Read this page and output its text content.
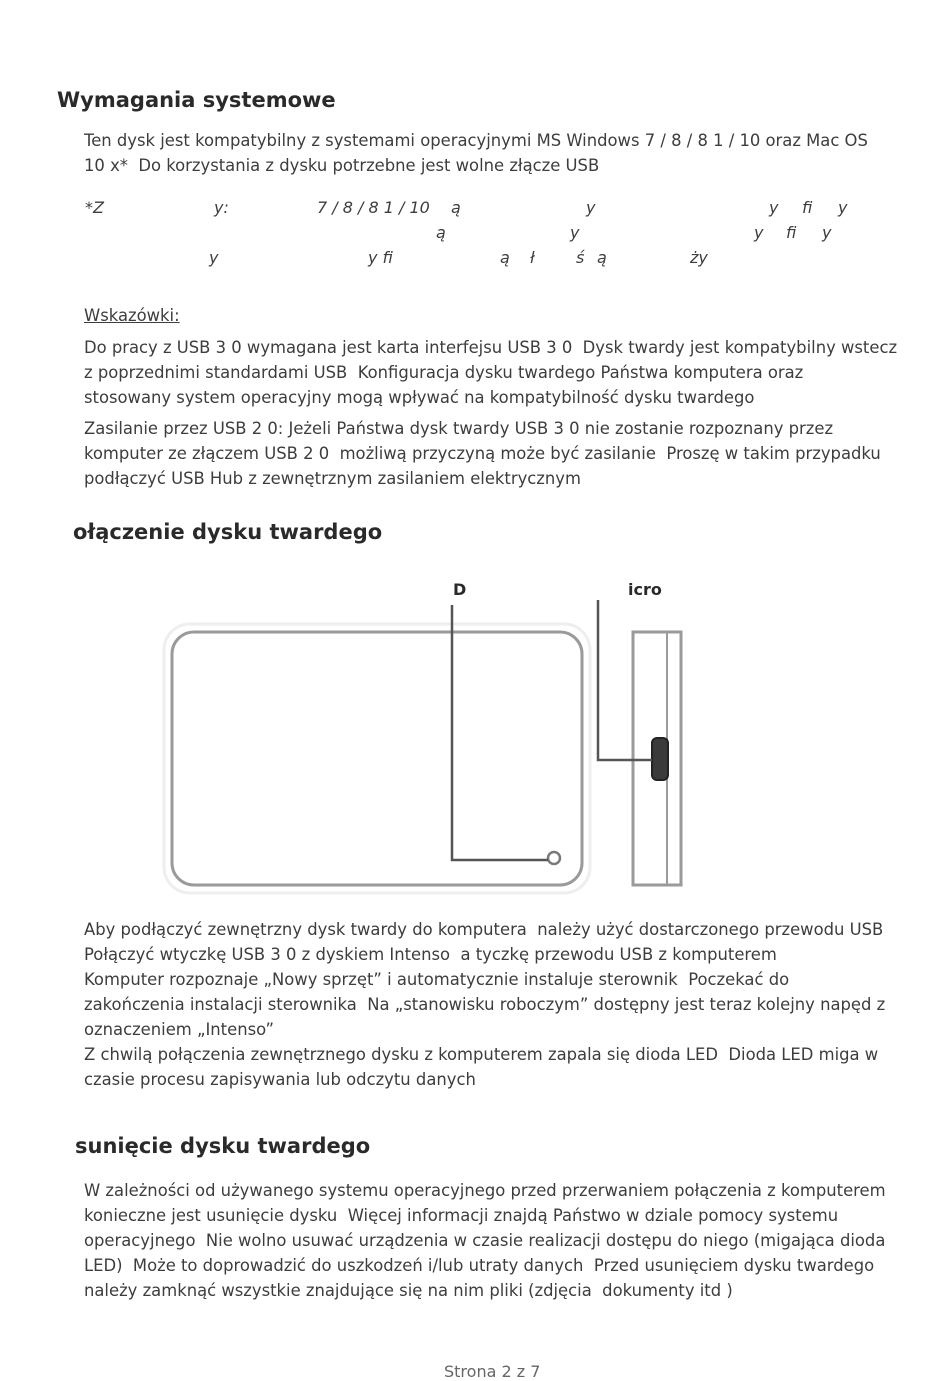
Wymagania systemowe

Ten dysk jest kompatybilny z systemami operacyjnymi MS Windows 7 / 8 / 8 1 / 10 oraz Mac OS

10 x*  Do korzystania z dysku potrzebne jest wolne złącze USB

*Z	y:	7 / 8 / 8 1 / 10 ą	y	y fi y
ą	y	y fi y
y	y fi	ą ł	ś ą	ży

Wskazówki:

Do pracy z USB 3 0 wymagana jest karta interfejsu USB 3 0  Dysk twardy jest kompatybilny wstecz

z poprzednimi standardami USB  Konfiguracja dysku twardego Państwa komputera oraz

stosowany system operacyjny mogą wpływać na kompatybilność dysku twardego

Zasilanie przez USB 2 0: Jeżeli Państwa dysk twardy USB 3 0 nie zostanie rozpoznany przez

komputer ze złączem USB 2 0  możliwą przyczyną może być zasilanie  Proszę w takim przypadku

podłączyć USB Hub z zewnętrznym zasilaniem elektrycznym

ołączenie dysku twardego
D	icro

Aby podłączyć zewnętrzny dysk twardy do komputera  należy użyć dostarczonego przewodu USB

Połączyć wtyczkę USB 3 0 z dyskiem Intenso  a tyczkę przewodu USB z komputerem

Komputer rozpoznaje „Nowy sprzęt” i automatycznie instaluje sterownik  Poczekać do

zakończenia instalacji sterownika  Na „stanowisku roboczym” dostępny jest teraz kolejny napęd z

oznaczeniem „Intenso”

Z chwilą połączenia zewnętrznego dysku z komputerem zapala się dioda LED  Dioda LED miga w

czasie procesu zapisywania lub odczytu danych

sunięcie dysku twardego

W zależności od używanego systemu operacyjnego przed przerwaniem połączenia z komputerem

konieczne jest usunięcie dysku  Więcej informacji znajdą Państwo w dziale pomocy systemu

operacyjnego  Nie wolno usuwać urządzenia w czasie realizacji dostępu do niego (migająca dioda

LED)  Może to doprowadzić do uszkodzeń i/lub utraty danych  Przed usunięciem dysku twardego

należy zamknąć wszystkie znajdujące się na nim pliki (zdjęcia  dokumenty itd )

Strona 2 z 7
